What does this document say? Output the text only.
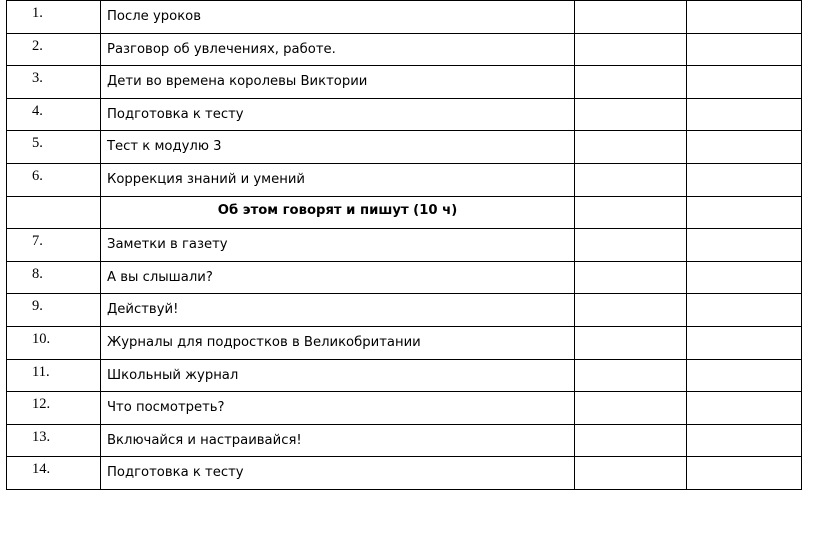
1.	После уроков		
2.	Разговор об увлечениях, работе.		
3.	Дети во времена королевы Виктории		
4.	Подготовка к тесту		
5.	Тест к модулю 3		
6.	Коррекция знаний и умений		
	Об этом говорят и пишут (10 ч)		
7.	Заметки в газету		
8.	А вы слышали?		
9.	Действуй!		
10.	Журналы для подростков в Великобритании		
11.	Школьный журнал		
12.	Что посмотреть?		
13.	Включайся и настраивайся!		
14.	Подготовка к тесту		
